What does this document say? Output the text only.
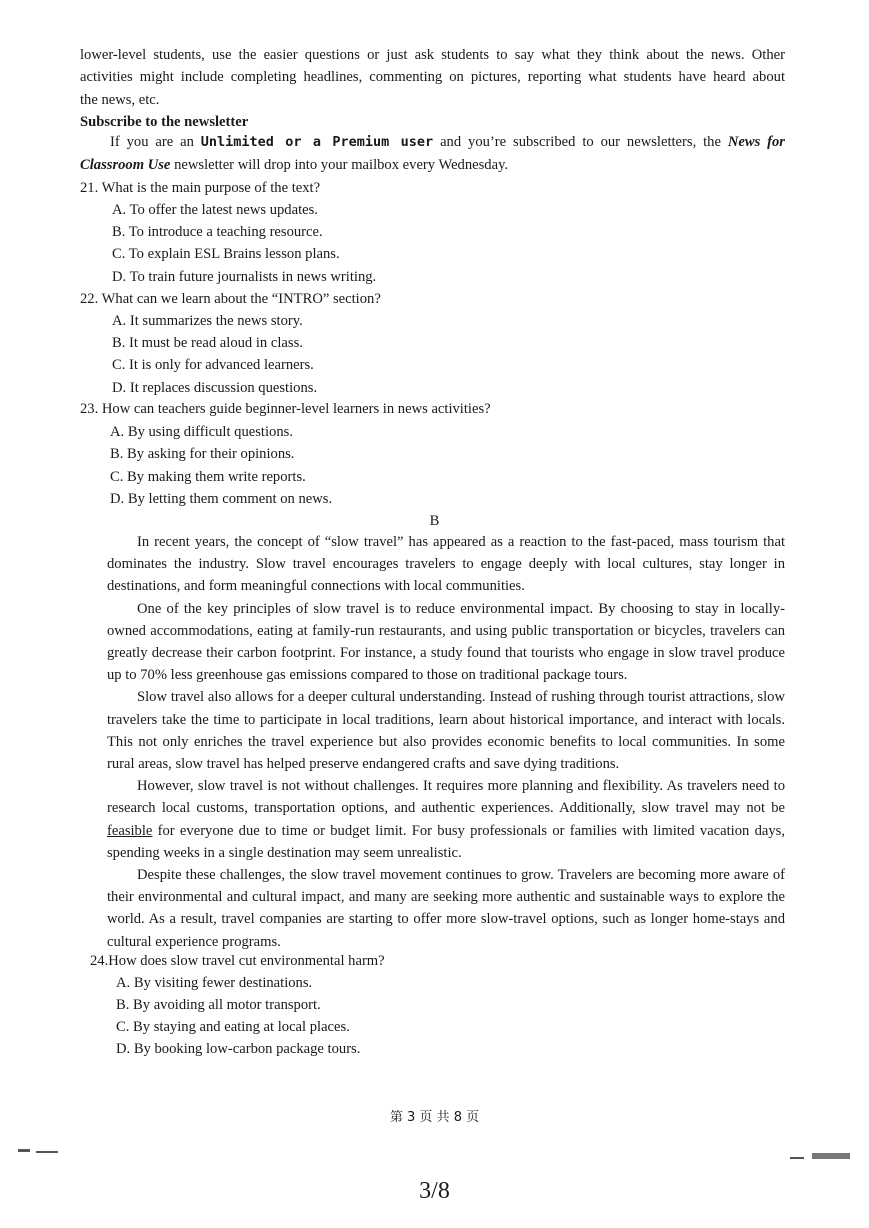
lower-level students, use the easier questions or just ask students to say what they think about the news. Other
activities might include completing headlines, commenting on pictures, reporting what students have heard about
the news, etc.
Subscribe to the newsletter
If you are an Unlimited or a Premium user and you’re subscribed to our newsletters, the News for Classroom Use newsletter will drop into your mailbox every Wednesday.
21. What is the main purpose of the text?
A. To offer the latest news updates.
B. To introduce a teaching resource.
C. To explain ESL Brains lesson plans.
D. To train future journalists in news writing.
22. What can we learn about the “INTRO” section?
A. It summarizes the news story.
B. It must be read aloud in class.
C. It is only for advanced learners.
D. It replaces discussion questions.
23. How can teachers guide beginner-level learners in news activities?
A. By using difficult questions.
B. By asking for their opinions.
C. By making them write reports.
D. By letting them comment on news.
B

In recent years, the concept of “slow travel” has appeared as a reaction to the fast-paced, mass tourism that dominates the industry. Slow travel encourages travelers to engage deeply with local cultures, stay longer in destinations, and form meaningful connections with local communities.

One of the key principles of slow travel is to reduce environmental impact. By choosing to stay in locally-owned accommodations, eating at family-run restaurants, and using public transportation or bicycles, travelers can greatly decrease their carbon footprint. For instance, a study found that tourists who engage in slow travel produce up to 70% less greenhouse gas emissions compared to those on traditional package tours.

Slow travel also allows for a deeper cultural understanding. Instead of rushing through tourist attractions, slow travelers take the time to participate in local traditions, learn about historical importance, and interact with locals. This not only enriches the travel experience but also provides economic benefits to local communities. In some rural areas, slow travel has helped preserve endangered crafts and save dying traditions.

However, slow travel is not without challenges. It requires more planning and flexibility. As travelers need to research local customs, transportation options, and authentic experiences. Additionally, slow travel may not be feasible for everyone due to time or budget limit. For busy professionals or families with limited vacation days, spending weeks in a single destination may seem unrealistic.

Despite these challenges, the slow travel movement continues to grow. Travelers are becoming more aware of their environmental and cultural impact, and many are seeking more authentic and sustainable ways to explore the world. As a result, travel companies are starting to offer more slow-travel options, such as longer home-stays and cultural experience programs.

24.How does slow travel cut environmental harm?
A. By visiting fewer destinations.
B. By avoiding all motor transport.
C. By staying and eating at local places.
D. By booking low-carbon package tours.
第 3 页 共 8 页
3/8
